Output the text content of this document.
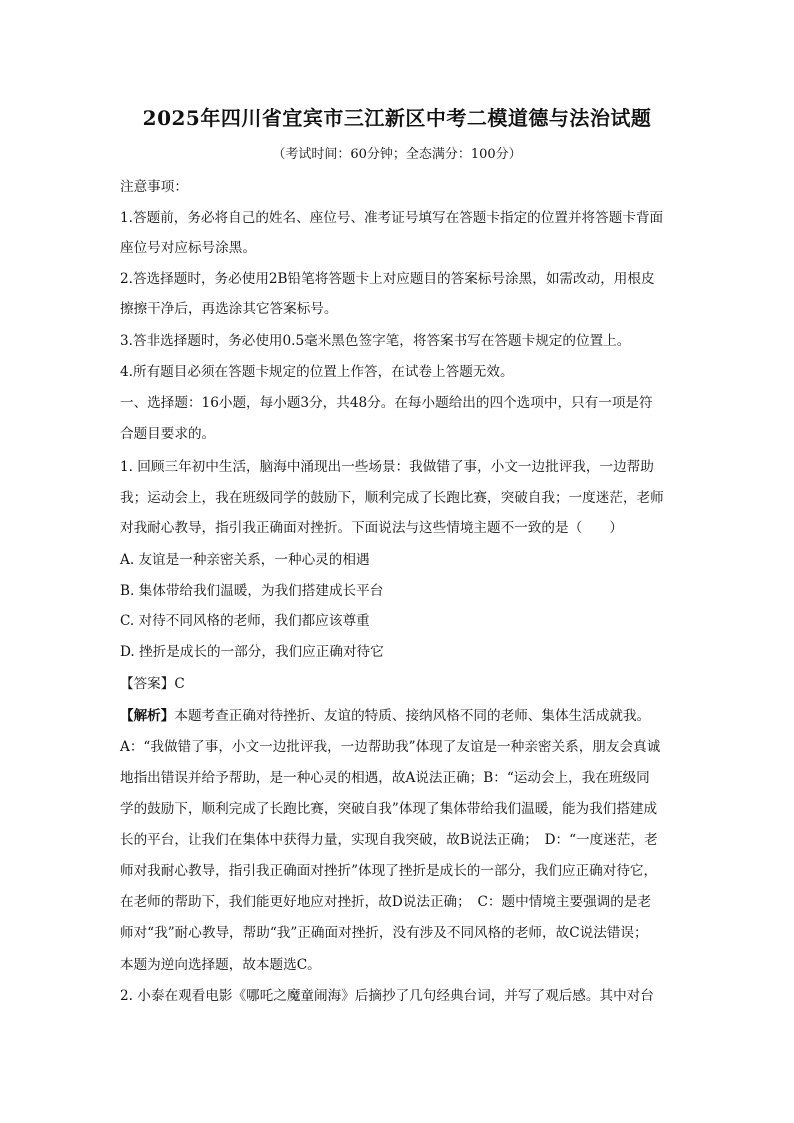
2025年四川省宜宾市三江新区中考二模道德与法治试题
（考试时间：60分钟；全态满分：100分）
注意事项：
1.答题前，务必将自己的姓名、座位号、准考证号填写在答题卡指定的位置并将答题卡背面
座位号对应标号涂黑。
2.答选择题时，务必使用2B铅笔将答题卡上对应题目的答案标号涂黑，如需改动，用根皮
擦擦干净后，再选涂其它答案标号。
3.答非选择题时，务必使用0.5毫米黑色签字笔，将答案书写在答题卡规定的位置上。
4.所有题目必须在答题卡规定的位置上作答，在试卷上答题无效。
一、选择题：16小题，每小题3分，共48分。在每小题给出的四个选项中，只有一项是符
合题目要求的。
1. 回顾三年初中生活，脑海中涌现出一些场景：我做错了事，小文一边批评我，一边帮助
我；运动会上，我在班级同学的鼓励下，顺利完成了长跑比赛，突破自我；一度迷茫，老师
对我耐心教导，指引我正确面对挫折。下面说法与这些情境主题不一致的是（　　）
A. 友谊是一种亲密关系，一种心灵的相遇
B. 集体带给我们温暖，为我们搭建成长平台
C. 对待不同风格的老师，我们都应该尊重
D. 挫折是成长的一部分，我们应正确对待它
【答案】C
【解析】本题考查正确对待挫折、友谊的特质、接纳风格不同的老师、集体生活成就我。
A：“我做错了事，小文一边批评我，一边帮助我”体现了友谊是一种亲密关系，朋友会真诚
地指出错误并给予帮助，是一种心灵的相遇，故A说法正确；B：“运动会上，我在班级同
学的鼓励下，顺利完成了长跑比赛，突破自我”体现了集体带给我们温暖，能为我们搭建成
长的平台，让我们在集体中获得力量，实现自我突破，故B说法正确；　D：“一度迷茫，老
师对我耐心教导，指引我正确面对挫折”体现了挫折是成长的一部分，我们应正确对待它，
在老师的帮助下，我们能更好地应对挫折，故D说法正确；　C：题中情境主要强调的是老
师对“我”耐心教导，帮助“我”正确面对挫折，没有涉及不同风格的老师，故C说法错误；
本题为逆向选择题，故本题选C。
2. 小泰在观看电影《哪吒之魔童闹海》后摘抄了几句经典台词，并写了观后感。其中对台
